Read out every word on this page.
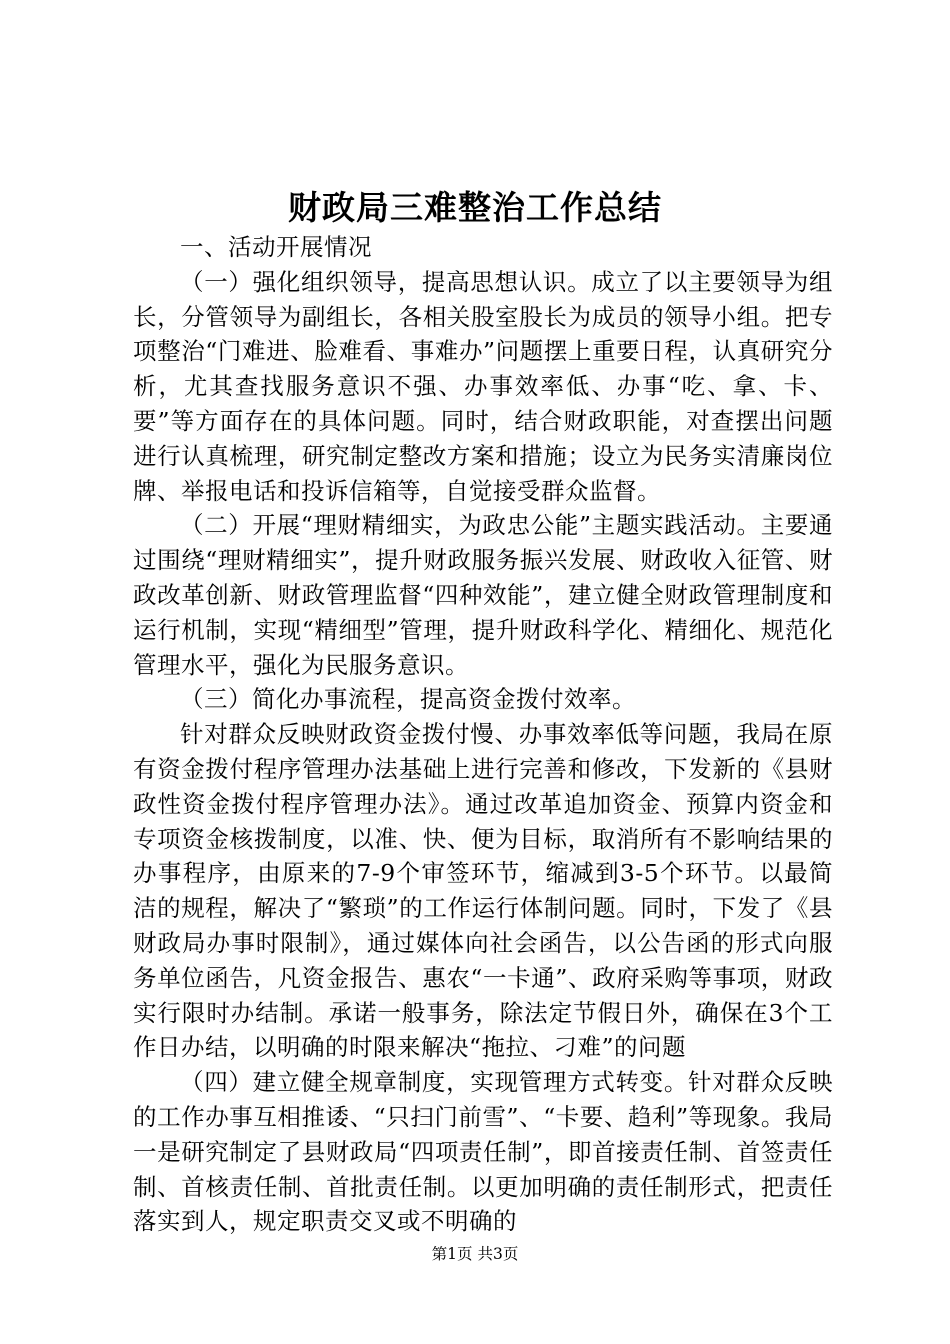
财政局三难整治工作总结

一、活动开展情况

（一）强化组织领导，提高思想认识。成立了以主要领导为组长，分管领导为副组长，各相关股室股长为成员的领导小组。把专项整治“门难进、脸难看、事难办”问题摆上重要日程，认真研究分析，尤其查找服务意识不强、办事效率低、办事“吃、拿、卡、要”等方面存在的具体问题。同时，结合财政职能，对查摆出问题进行认真梳理，研究制定整改方案和措施；设立为民务实清廉岗位牌、举报电话和投诉信箱等，自觉接受群众监督。

（二）开展“理财精细实，为政忠公能”主题实践活动。主要通过围绕“理财精细实”，提升财政服务振兴发展、财政收入征管、财政改革创新、财政管理监督“四种效能”，建立健全财政管理制度和运行机制，实现“精细型”管理，提升财政科学化、精细化、规范化管理水平，强化为民服务意识。

（三）简化办事流程，提高资金拨付效率。

针对群众反映财政资金拨付慢、办事效率低等问题，我局在原有资金拨付程序管理办法基础上进行完善和修改，下发新的《县财政性资金拨付程序管理办法》。通过改革追加资金、预算内资金和专项资金核拨制度，以准、快、便为目标，取消所有不影响结果的办事程序，由原来的7-9个审签环节，缩减到3-5个环节。以最简洁的规程，解决了“繁琐”的工作运行体制问题。同时，下发了《县财政局办事时限制》，通过媒体向社会函告，以公告函的形式向服务单位函告，凡资金报告、惠农“一卡通”、政府采购等事项，财政实行限时办结制。承诺一般事务，除法定节假日外，确保在3个工作日办结，以明确的时限来解决“拖拉、刁难”的问题

（四）建立健全规章制度，实现管理方式转变。针对群众反映的工作办事互相推诿、“只扫门前雪”、“卡要、趋利”等现象。我局一是研究制定了县财政局“四项责任制”，即首接责任制、首签责任制、首核责任制、首批责任制。以更加明确的责任制形式，把责任落实到人，规定职责交叉或不明确的

第1页 共3页
